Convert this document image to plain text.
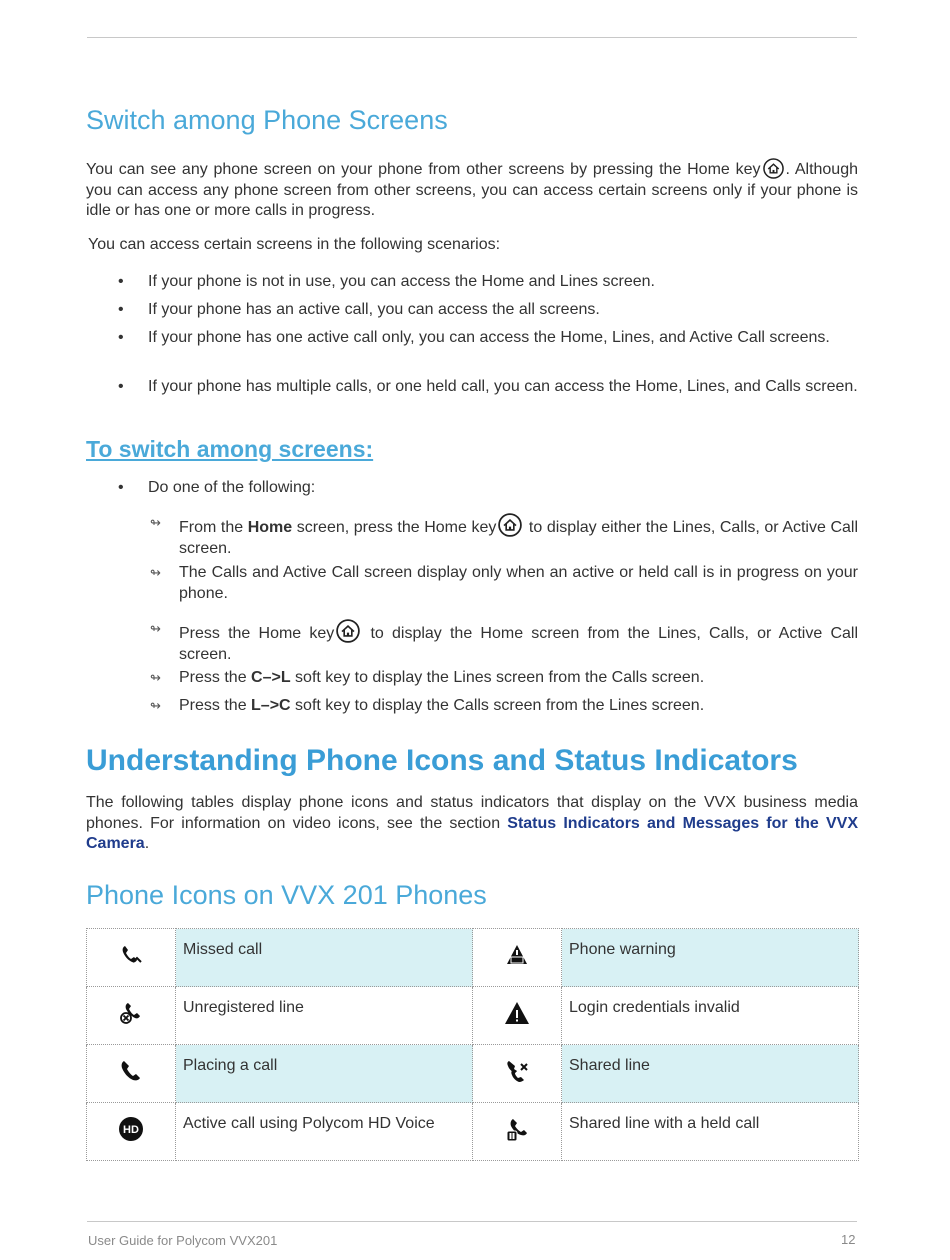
Switch among Phone Screens

You can see any phone screen on your phone from other screens by pressing the Home key . Although you can access any phone screen from other screens, you can access certain screens only if your phone is idle or has one or more calls in progress.

You can access certain screens in the following scenarios:

• If your phone is not in use, you can access the Home and Lines screen.
• If your phone has an active call, you can access the all screens.
• If your phone has one active call only, you can access the Home, Lines, and Active Call screens.
• If your phone has multiple calls, or one held call, you can access the Home, Lines, and Calls screen.
To switch among screens:
• Do one of the following:
↬ From the Home screen, press the Home key to display either the Lines, Calls, or Active Call screen.
↬ The Calls and Active Call screen display only when an active or held call is in progress on your phone.
↬ Press the Home key to display the Home screen from the Lines, Calls, or Active Call screen.
↬ Press the C–>L soft key to display the Lines screen from the Calls screen.
↬ Press the L–>C soft key to display the Calls screen from the Lines screen.
Understanding Phone Icons and Status Indicators

The following tables display phone icons and status indicators that display on the VVX business media phones. For information on video icons, see the section Status Indicators and Messages for the VVX Camera.

Phone Icons on VVX 201 Phones
	Missed call		Phone warning
	Unregistered line		Login credentials invalid
	Placing a call		Shared line

HD	Active call using Polycom HD Voice		Shared line with a held call
User Guide for Polycom VVX201	12
